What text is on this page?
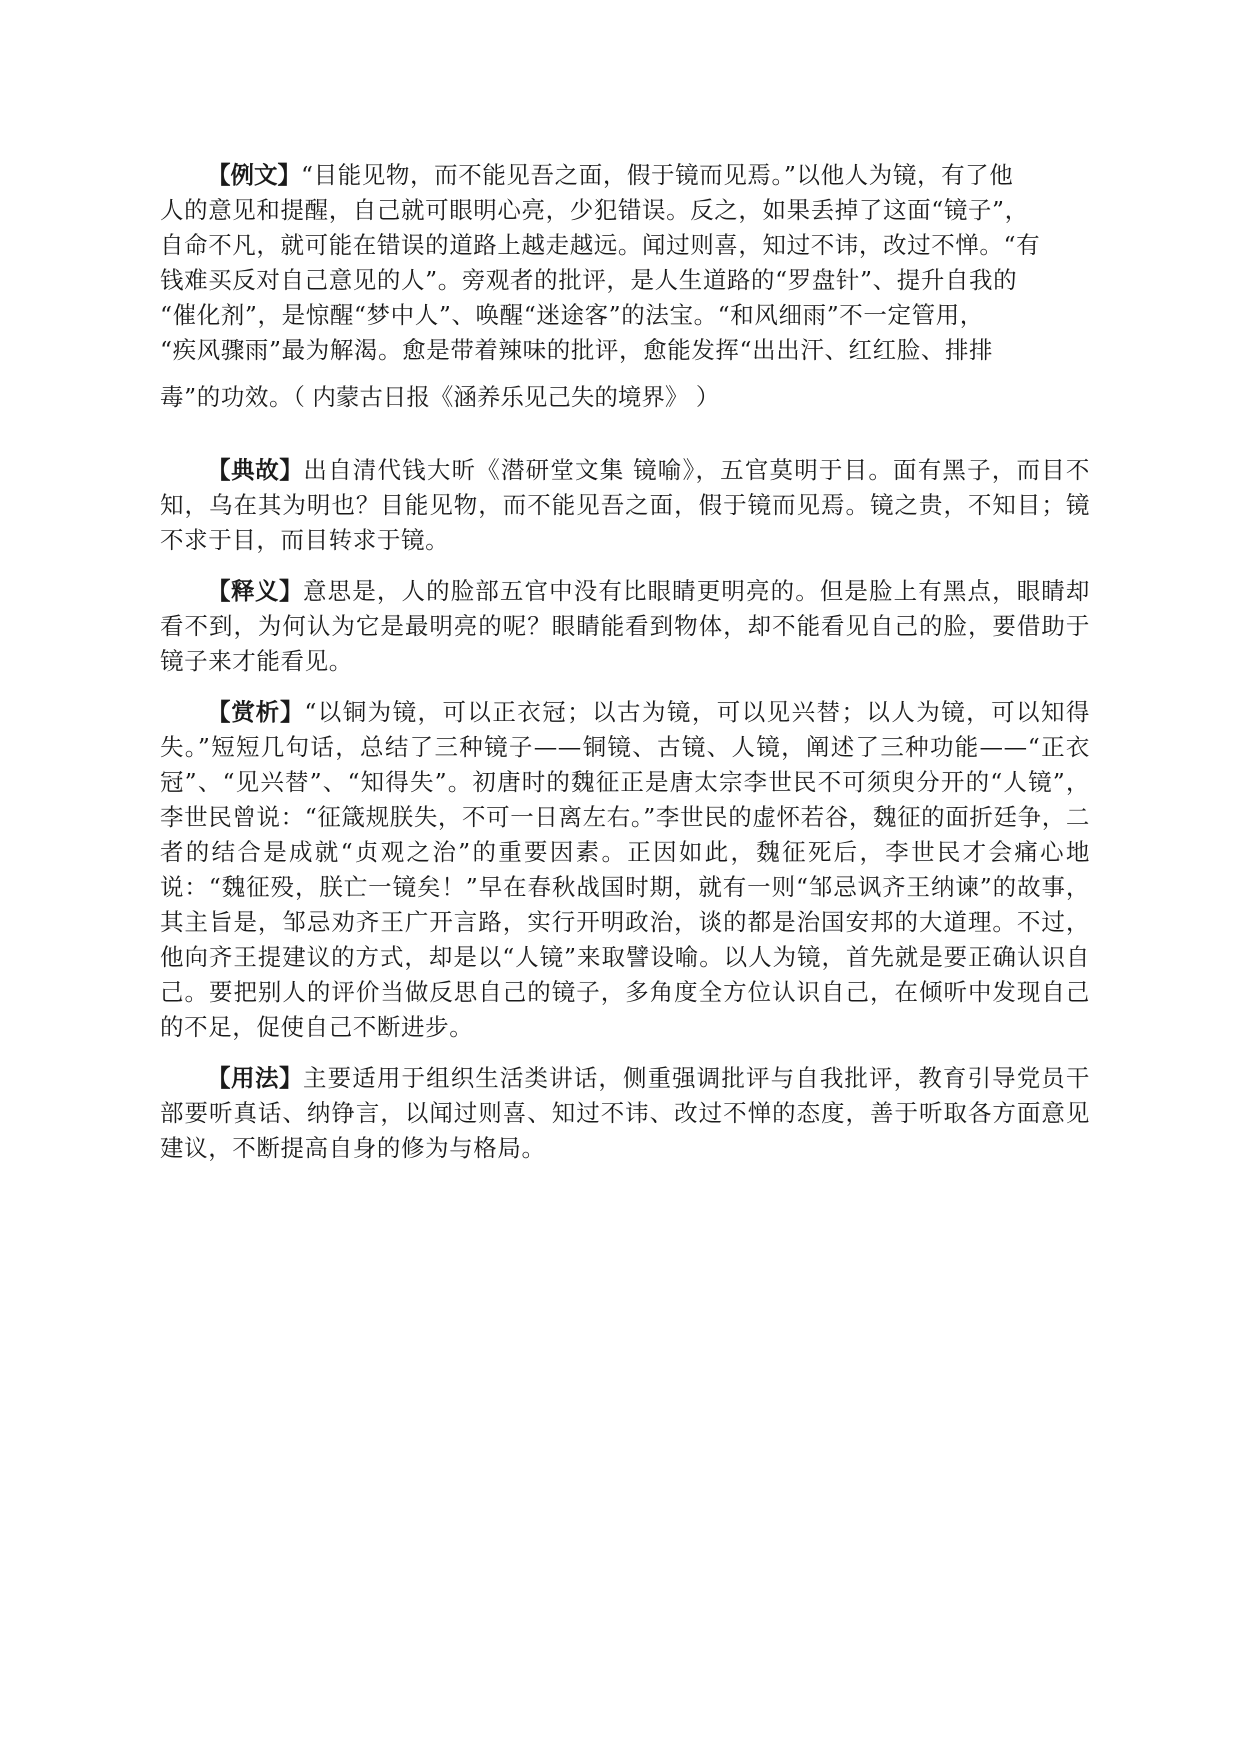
【例文】“目能见物，而不能见吾之面，假于镜而见焉。”以他人为镜，有了他
人的意见和提醒，自己就可眼明心亮，少犯错误。反之，如果丢掉了这面“镜子”，
自命不凡，就可能在错误的道路上越走越远。闻过则喜，知过不讳，改过不惮。“有
钱难买反对自己意见的人”。旁观者的批评，是人生道路的“罗盘针”、提升自我的
“催化剂”，是惊醒“梦中人”、唤醒“迷途客”的法宝。“和风细雨”不一定管用，
“疾风骤雨”最为解渴。愈是带着辣味的批评，愈能发挥“出出汗、红红脸、排排
毒”的功效。（ 内蒙古日报《涵养乐见己失的境界》 ）

【典故】出自清代钱大昕《潜研堂文集 镜喻》，五官莫明于目。面有黑子，而目不知，乌在其为明也？目能见物，而不能见吾之面，假于镜而见焉。镜之贵，不知目；镜不求于目，而目转求于镜。

【释义】意思是，人的脸部五官中没有比眼睛更明亮的。但是脸上有黑点，眼睛却看不到，为何认为它是最明亮的呢？眼睛能看到物体，却不能看见自己的脸，要借助于镜子来才能看见。

【赏析】“以铜为镜，可以正衣冠；以古为镜，可以见兴替；以人为镜，可以知得失。”短短几句话，总结了三种镜子——铜镜、古镜、人镜，阐述了三种功能——“正衣冠”、“见兴替”、“知得失”。初唐时的魏征正是唐太宗李世民不可须臾分开的“人镜”，李世民曾说：“征箴规朕失，不可一日离左右。”李世民的虚怀若谷，魏征的面折廷争，二者的结合是成就“贞观之治”的重要因素。正因如此，魏征死后，李世民才会痛心地说：“魏征殁，朕亡一镜矣！”早在春秋战国时期，就有一则“邹忌讽齐王纳谏”的故事，其主旨是，邹忌劝齐王广开言路，实行开明政治，谈的都是治国安邦的大道理。不过，他向齐王提建议的方式，却是以“人镜”来取譬设喻。以人为镜，首先就是要正确认识自己。要把别人的评价当做反思自己的镜子，多角度全方位认识自己，在倾听中发现自己的不足，促使自己不断进步。

【用法】主要适用于组织生活类讲话，侧重强调批评与自我批评，教育引导党员干部要听真话、纳铮言，以闻过则喜、知过不讳、改过不惮的态度，善于听取各方面意见建议，不断提高自身的修为与格局。
